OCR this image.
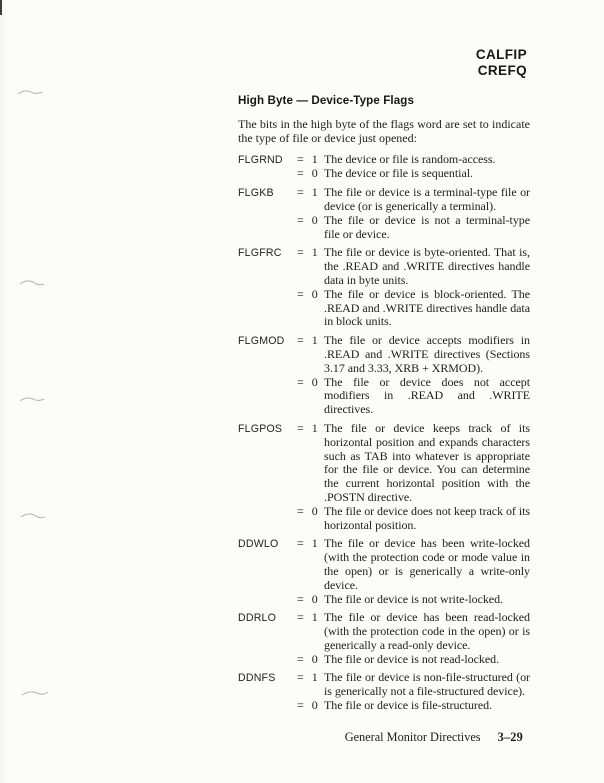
CALFIP
CREFQ
High Byte — Device-Type Flags

The bits in the high byte of the flags word are set to indicate the type of file or device just opened:

FLGRND	= 1 The device or file is random-access.
= 0 The device or file is sequential.
FLGKB	= 1 The file or device is a terminal-type file or device (or is generically a terminal).
= 0 The file or device is not a terminal-type file or device.
FLGFRC	= 1 The file or device is byte-oriented. That is, the .READ and .WRITE directives handle data in byte units.
= 0 The file or device is block-oriented. The .READ and .WRITE directives handle data in block units.
FLGMOD	= 1 The file or device accepts modifiers in .READ and .WRITE directives (Sections 3.17 and 3.33, XRB + XRMOD).
= 0 The file or device does not accept modifiers in .READ and .WRITE directives.
FLGPOS	= 1 The file or device keeps track of its horizontal position and expands characters such as TAB into whatever is appropriate for the file or device. You can determine the current horizontal position with the .POSTN directive.
= 0 The file or device does not keep track of its horizontal position.
DDWLO	= 1 The file or device has been write-locked (with the protection code or mode value in the open) or is generically a write-only device.
= 0 The file or device is not write-locked.
DDRLO	= 1 The file or device has been read-locked (with the protection code in the open) or is generically a read-only device.
= 0 The file or device is not read-locked.
DDNFS	= 1 The file or device is non-file-structured (or is generically not a file-structured device).
= 0 The file or device is file-structured.
General Monitor Directives 3–29
